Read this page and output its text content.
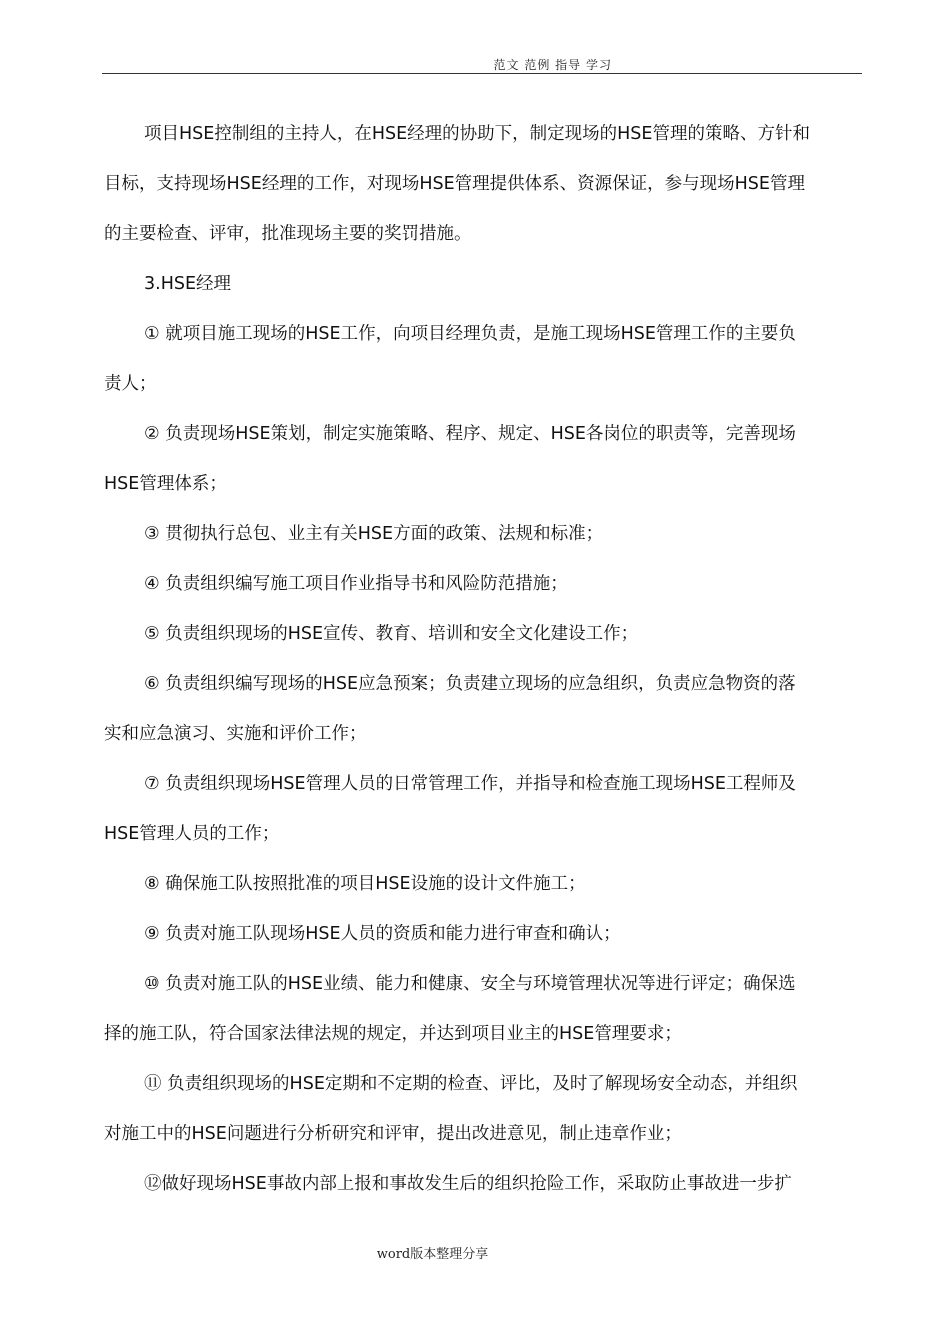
范文 范例 指导 学习
项目HSE控制组的主持人，在HSE经理的协助下，制定现场的HSE管理的策略、方针和
目标，支持现场HSE经理的工作，对现场HSE管理提供体系、资源保证，参与现场HSE管理
的主要检查、评审，批准现场主要的奖罚措施。
3.HSE经理
① 就项目施工现场的HSE工作，向项目经理负责，是施工现场HSE管理工作的主要负
责人；
② 负责现场HSE策划，制定实施策略、程序、规定、HSE各岗位的职责等，完善现场
HSE管理体系；
③ 贯彻执行总包、业主有关HSE方面的政策、法规和标准；
④ 负责组织编写施工项目作业指导书和风险防范措施；
⑤ 负责组织现场的HSE宣传、教育、培训和安全文化建设工作；
⑥ 负责组织编写现场的HSE应急预案；负责建立现场的应急组织，负责应急物资的落
实和应急演习、实施和评价工作；
⑦ 负责组织现场HSE管理人员的日常管理工作，并指导和检查施工现场HSE工程师及
HSE管理人员的工作；
⑧ 确保施工队按照批准的项目HSE设施的设计文件施工；
⑨ 负责对施工队现场HSE人员的资质和能力进行审查和确认；
⑩ 负责对施工队的HSE业绩、能力和健康、安全与环境管理状况等进行评定；确保选
择的施工队，符合国家法律法规的规定，并达到项目业主的HSE管理要求；
⑪ 负责组织现场的HSE定期和不定期的检查、评比，及时了解现场安全动态，并组织
对施工中的HSE问题进行分析研究和评审，提出改进意见，制止违章作业；
⑫做好现场HSE事故内部上报和事故发生后的组织抢险工作，采取防止事故进一步扩
word版本整理分享
